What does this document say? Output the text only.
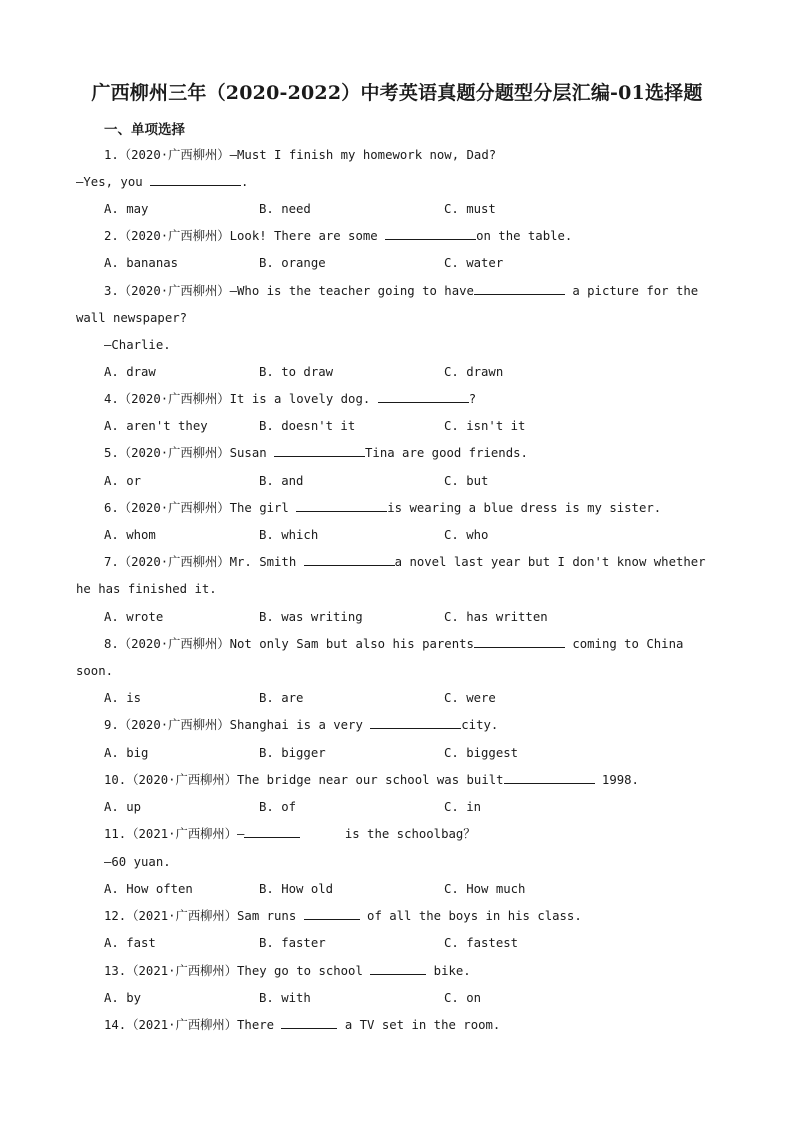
广西柳州三年（2020-2022）中考英语真题分题型分层汇编-01选择题
一、单项选择
1.（2020·广西柳州）—Must I finish my homework now, Dad?
—Yes, you	.
A. may	B. need	C. must
2.（2020·广西柳州）Look! There are some	on the table.
A. bananas	B. orange	C. water
3.（2020·广西柳州）—Who is the teacher going to have	a picture for the
wall newspaper?
—Charlie.
A. draw	B. to draw	C. drawn
4.（2020·广西柳州）It is a lovely dog.	?
A. aren't they	B. doesn't it	C. isn't it
5.（2020·广西柳州）Susan	Tina are good friends.
A. or	B. and	C. but
6.（2020·广西柳州）The girl	is wearing a blue dress is my sister.
A. whom	B. which	C. who
7.（2020·广西柳州）Mr. Smith	a novel last year but I don't know whether
he has finished it.
A. wrote	B. was writing	C. has written
8.（2020·广西柳州）Not only Sam but also his parents	coming to China
soon.
A. is	B. are	C. were
9.（2020·广西柳州）Shanghai is a very	city.
A. big	B. bigger	C. biggest
10.（2020·广西柳州）The bridge near our school was built	1998.
A. up	B. of	C. in
11.（2021·广西柳州）—	is the schoolbag？
—60 yuan.
A. How often	B. How old	C. How much
12.（2021·广西柳州）Sam runs	of all the boys in his class.
A. fast	B. faster	C. fastest
13.（2021·广西柳州）They go to school	bike.
A. by	B. with	C. on
14.（2021·广西柳州）There	a TV set in the room.
